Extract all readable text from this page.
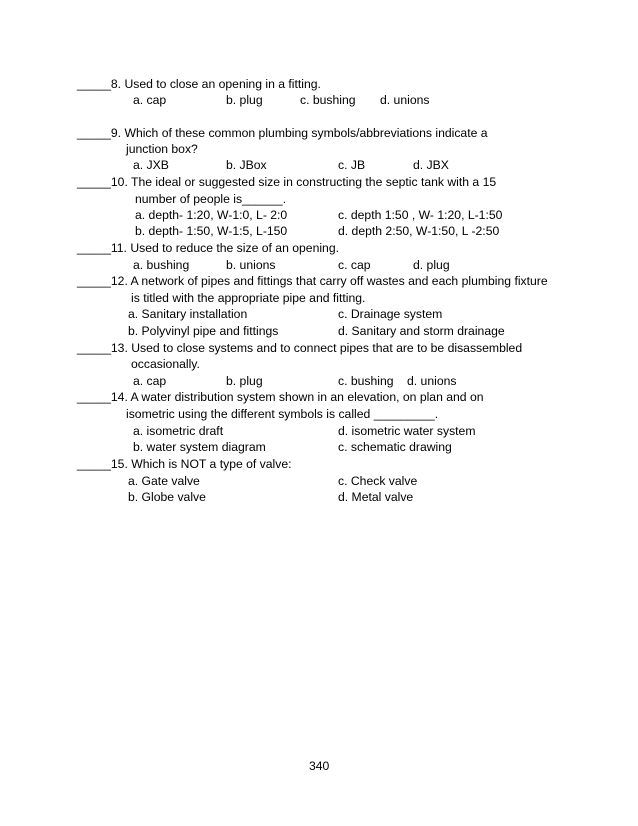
_____8. Used to close an opening in a fitting.
a. cap	b. plug	c. bushing d. unions
_____9. Which of these common plumbing symbols/abbreviations indicate a
junction box?
a. JXB	b. JBox	c. JB	d. JBX
_____10. The ideal or suggested size in constructing the septic tank with a 15
number of people is______.
a. depth- 1:20, W-1:0, L- 2:0	c. depth 1:50 , W- 1:20, L-1:50
b. depth- 1:50, W-1:5, L-150	d. depth 2:50, W-1:50, L -2:50
_____11. Used to reduce the size of an opening.
a. bushing	b. unions	c. cap	d. plug
_____12. A network of pipes and fittings that carry off wastes and each plumbing fixture
is titled with the appropriate pipe and fitting.
a. Sanitary installation	c. Drainage system
b. Polyvinyl pipe and fittings	d. Sanitary and storm drainage
_____13. Used to close systems and to connect pipes that are to be disassembled
occasionally.
a. cap	b. plug	c. bushing d. unions
_____14. A water distribution system shown in an elevation, on plan and on
isometric using the different symbols is called _________.
a. isometric draft	d. isometric water system
b. water system diagram	c. schematic drawing
_____15. Which is NOT a type of valve:
a. Gate valve	c. Check valve
b. Globe valve	d. Metal valve
340
